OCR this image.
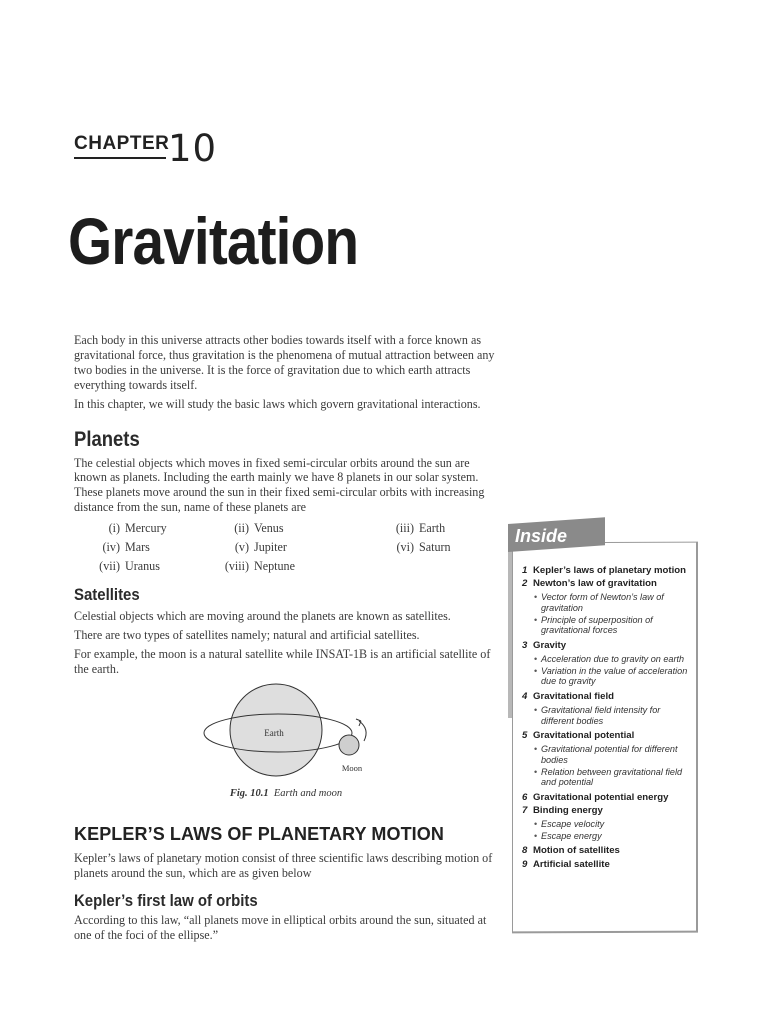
CHAPTER
10
Gravitation

Each body in this universe attracts other bodies towards itself with a force known as gravitational force, thus gravitation is the phenomena of mutual attraction between any two bodies in the universe. It is the force of gravitation due to which earth attracts everything towards itself.

In this chapter, we will study the basic laws which govern gravitational interactions.

Planets

The celestial objects which moves in fixed semi-circular orbits around the sun are known as planets. Including the earth mainly we have 8 planets in our solar system. These planets move around the sun in their fixed semi-circular orbits with increasing distance from the sun, name of these planets are

(i) Mercury	(ii) Venus	(iii) Earth
(iv) Mars	(v) Jupiter	(vi) Saturn
(vii) Uranus	(viii) Neptune
Satellites

Celestial objects which are moving around the planets are known as satellites.

There are two types of satellites namely; natural and artificial satellites.

For example, the moon is a natural satellite while INSAT-1B is an artificial satellite of the earth.

Earth
Moon
Fig. 10.1 Earth and moon
KEPLER’S LAWS OF PLANETARY MOTION

Kepler’s laws of planetary motion consist of three scientific laws describing motion of planets around the sun, which are as given below

Kepler’s first law of orbits

According to this law, “all planets move in elliptical orbits around the sun, situated at one of the foci of the ellipse.”

Inside
1 Kepler’s laws of planetary motion
2 Newton’s law of gravitation
• Vector form of Newton’s law of gravitation
• Principle of superposition of gravitational forces
3 Gravity
• Acceleration due to gravity on earth
• Variation in the value of acceleration due to gravity
4 Gravitational field
• Gravitational field intensity for different bodies
5 Gravitational potential
• Gravitational potential for different bodies
• Relation between gravitational field and potential
6 Gravitational potential energy
7 Binding energy
• Escape velocity
• Escape energy
8 Motion of satellites
9 Artificial satellite
